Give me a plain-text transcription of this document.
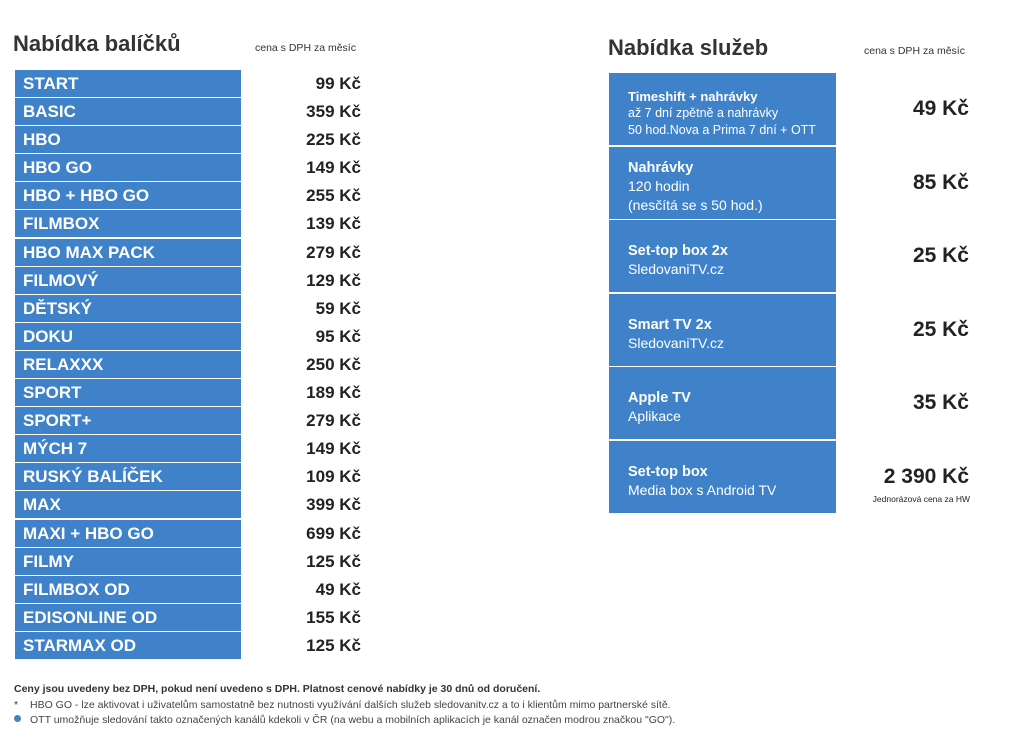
Nabídka balíčků	cena s DPH za měsíc
START	99 Kč
BASIC	359 Kč
HBO	225 Kč
HBO GO	149 Kč
HBO + HBO GO	255 Kč
FILMBOX	139 Kč
HBO MAX PACK	279 Kč
FILMOVÝ	129 Kč
DĚTSKÝ	59 Kč
DOKU	95 Kč
RELAXXX	250 Kč
SPORT	189 Kč
SPORT+	279 Kč
MÝCH 7	149 Kč
RUSKÝ BALÍČEK	109 Kč
MAX	399 Kč
MAXI + HBO GO	699 Kč
FILMY	125 Kč
FILMBOX OD	49 Kč
EDISONLINE OD	155 Kč
STARMAX OD	125 Kč
Nabídka služeb	cena s DPH za měsíc
Timeshift + nahrávky
až 7 dní zpětně a nahrávky
50 hod.Nova a Prima 7 dní + OTT
49 Kč
Nahrávky
120 hodin
(nesčítá se s 50 hod.)
85 Kč
Set-top box 2x
SledovaniTV.cz
25 Kč
Smart TV 2x
SledovaniTV.cz
25 Kč
Apple TV
Aplikace
35 Kč
Set-top box
Media box s Android TV
2 390 Kč
Jednorázová cena za HW
Ceny jsou uvedeny bez DPH, pokud není uvedeno s DPH. Platnost cenové nabídky je 30 dnů od doručení.
* HBO GO - lze aktivovat i uživatelům samostatně bez nutnosti využívání dalších služeb sledovanitv.cz a to i klientům mimo partnerské sítě.
OTT umožňuje sledování takto označených kanálů kdekoli v ČR (na webu a mobilních aplikacích je kanál označen modrou značkou "GO").
